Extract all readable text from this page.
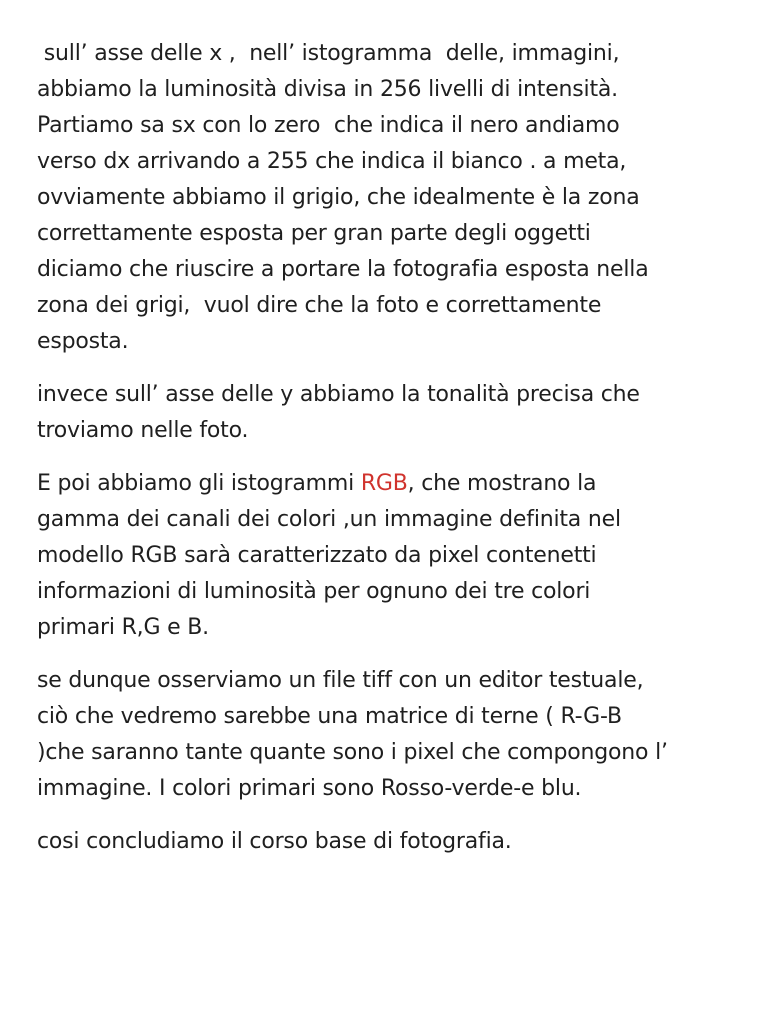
sull’ asse delle x ,  nell’ istogramma  delle, immagini,
abbiamo la luminosità divisa in 256 livelli di intensità.
Partiamo sa sx con lo zero  che indica il nero andiamo
verso dx arrivando a 255 che indica il bianco . a meta,
ovviamente abbiamo il grigio, che idealmente è la zona
correttamente esposta per gran parte degli oggetti
diciamo che riuscire a portare la fotografia esposta nella
zona dei grigi,  vuol dire che la foto e correttamente
esposta.

invece sull’ asse delle y abbiamo la tonalità precisa che
troviamo nelle foto.

E poi abbiamo gli istogrammi RGB, che mostrano la
gamma dei canali dei colori ,un immagine definita nel
modello RGB sarà caratterizzato da pixel contenetti
informazioni di luminosità per ognuno dei tre colori
primari R,G e B.

se dunque osserviamo un file tiff con un editor testuale,
ciò che vedremo sarebbe una matrice di terne ( R-G-B
)che saranno tante quante sono i pixel che compongono l’
immagine. I colori primari sono Rosso-verde-e blu.

cosi concludiamo il corso base di fotografia.
